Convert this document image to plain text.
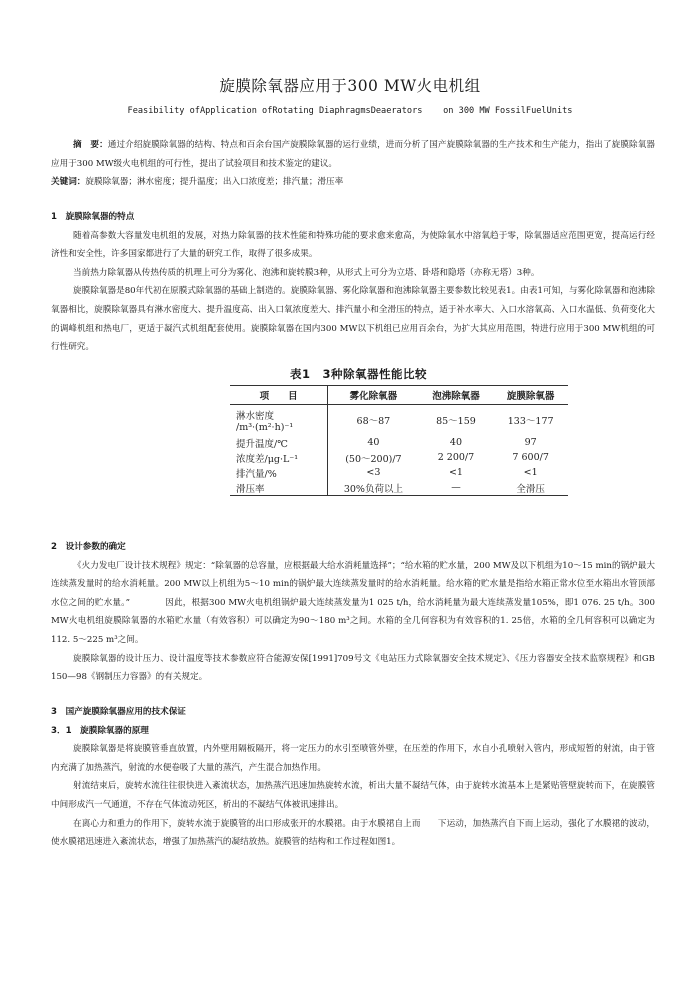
旋膜除氧器应用于300 MW火电机组
Feasibility ofApplication ofRotating DiaphragmsDeaerators    on 300 MW FossilFuelUnits

摘　要：通过介绍旋膜除氧器的结构、特点和百余台国产旋膜除氧器的运行业绩，进而分析了国产旋膜除氧器的生产技术和生产能力，指出了旋膜除氧器应用于300 MW级火电机组的可行性，提出了试验项目和技术鉴定的建议。

关键词：旋膜除氧器；淋水密度；提升温度；出入口浓度差；排汽量；滑压率

1　旋膜除氧器的特点

随着高参数大容量发电机组的发展，对热力除氧器的技术性能和特殊功能的要求愈来愈高，为使除氧水中溶氧趋于零，除氧器适应范围更宽，提高运行经济性和安全性，许多国家都进行了大量的研究工作，取得了很多成果。

当前热力除氧器从传热传质的机理上可分为雾化、泡沸和旋转膜3种，从形式上可分为立塔、卧塔和隐塔（亦称无塔）3种。

旋膜除氧器是80年代初在原膜式除氧器的基础上制造的。旋膜除氧器、雾化除氧器和泡沸除氧器主要参数比较见表1。由表1可知，与雾化除氧器和泡沸除氧器相比，旋膜除氧器具有淋水密度大、提升温度高、出入口氧浓度差大、排汽量小和全滑压的特点，适于补水率大、入口水溶氧高、入口水温低、负荷变化大的调峰机组和热电厂，更适于凝汽式机组配套使用。旋膜除氧器在国内300 MW以下机组已应用百余台，为扩大其应用范围，特进行应用于300 MW机组的可行性研究。

表1　3种除氧器性能比较
项　　目	雾化除氧器	泡沸除氧器	旋膜除氧器
淋水密度
/m³·(m²·h)⁻¹	68～87	85～159	133～177
提升温度/℃	40	40	97
浓度差/μg·L⁻¹	(50～200)/7	2 200/7	7 600/7
排汽量/%	<3	<1	<1
滑压率	30%负荷以上	—	全滑压

2　设计参数的确定

《火力发电厂设计技术规程》规定：“除氧器的总容量，应根据最大给水消耗量选择”；“给水箱的贮水量，200 MW及以下机组为10～15 min的锅炉最大连续蒸发量时的给水消耗量。200 MW以上机组为5～10 min的锅炉最大连续蒸发量时的给水消耗量。给水箱的贮水量是指给水箱正常水位至水箱出水管顶部水位之间的贮水量。”　　　　因此，根据300 MW火电机组锅炉最大连续蒸发量为1 025 t/h，给水消耗量为最大连续蒸发量105%，即1 076. 25 t/h。300 MW火电机组旋膜除氧器的水箱贮水量（有效容积）可以确定为90～180 m³之间。水箱的全几何容积为有效容积的1. 25倍，水箱的全几何容积可以确定为112. 5～225 m³之间。

旋膜除氧器的设计压力、设计温度等技术参数应符合能源安保[1991]709号文《电站压力式除氧器安全技术规定》、《压力容器安全技术监察规程》和GB 150—98《钢制压力容器》的有关规定。

3　国产旋膜除氧器应用的技术保证

3．1　旋膜除氧器的原理

旋膜除氧器是将旋膜管垂直放置，内外壁用隔板隔开，将一定压力的水引至喷管外壁，在压差的作用下，水自小孔喷射入管内，形成短暂的射流，由于管内充满了加热蒸汽，射流的水便卷吸了大量的蒸汽，产生混合加热作用。

射流结束后，旋转水流往往很快进入紊流状态，加热蒸汽迅速加热旋转水流，析出大量不凝结气体，由于旋转水流基本上是紧贴管壁旋转而下，在旋膜管中间形成汽一气通道，不存在气体流动死区，析出的不凝结气体被讯速排出。

在离心力和重力的作用下，旋转水流于旋膜管的出口形成张开的水膜裙。由于水膜裙自上而　　下运动，加热蒸汽自下而上运动，强化了水膜裙的波动，使水膜裙迅速进入紊流状态，增强了加热蒸汽的凝结放热。旋膜管的结构和工作过程如图1。
